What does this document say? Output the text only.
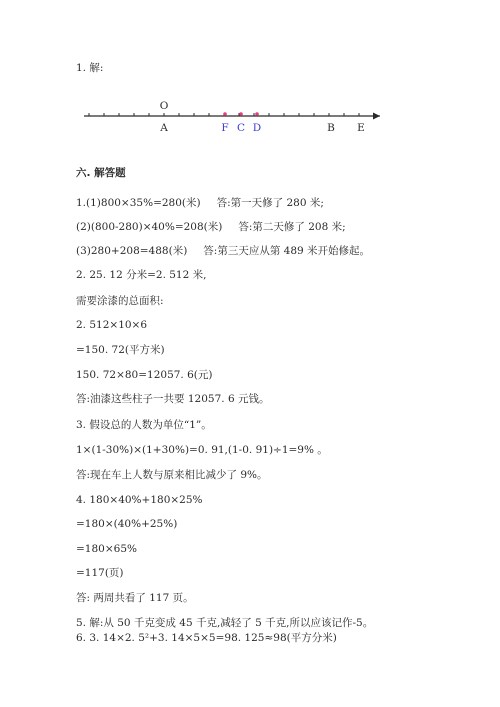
1. 解:
O
A	F C D	B E
六. 解答题
1.(1)800×35%=280(米) 答:第一天修了 280 米;
(2)(800-280)×40%=208(米) 答:第二天修了 208 米;
(3)280+208=488(米) 答:第三天应从第 489 米开始修起。
2. 25. 12 分米=2. 512 米,
需要涂漆的总面积:
2. 512×10×6
=150. 72(平方米)
150. 72×80=12057. 6(元)
答:油漆这些柱子一共要 12057. 6 元钱。
3. 假设总的人数为单位“1”。
1×(1-30%)×(1+30%)=0. 91,(1-0. 91)÷1=9% 。
答:现在车上人数与原来相比减少了 9%。
4. 180×40%+180×25%
=180×(40%+25%)
=180×65%
=117(页)
答: 两周共看了 117 页。
5. 解:从 50 千克变成 45 千克,减轻了 5 千克,所以应该记作-5。
6. 3. 14×2. 5²+3. 14×5×5=98. 125≈98(平方分米)
